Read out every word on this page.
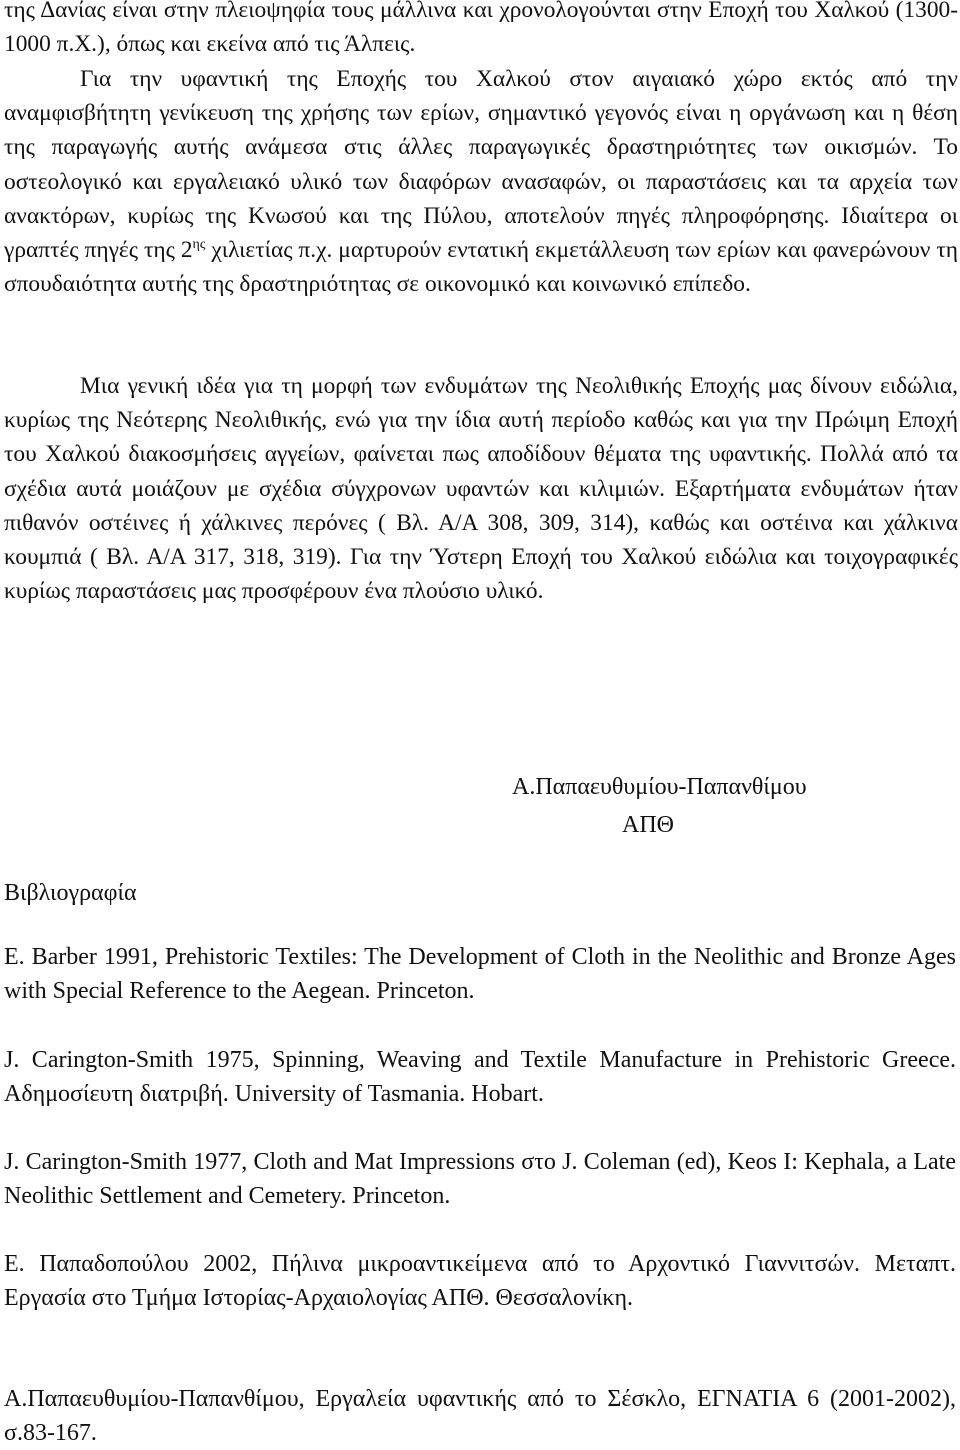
της Δανίας είναι στην πλειοψηφία τους μάλλινα και χρονολογούνται στην Εποχή του Χαλκού (1300-1000 π.Χ.), όπως και εκείνα από τις Άλπεις.

Για την υφαντική της Εποχής του Χαλκού στον αιγαιακό χώρο εκτός από την αναμφισβήτητη γενίκευση της χρήσης των ερίων, σημαντικό γεγονός είναι η οργάνωση και η θέση της παραγωγής αυτής ανάμεσα στις άλλες παραγωγικές δραστηριότητες των οικισμών. Το οστεολογικό και εργαλειακό υλικό των διαφόρων ανασαφών, οι παραστάσεις και τα αρχεία των ανακτόρων, κυρίως της Κνωσού και της Πύλου, αποτελούν πηγές πληροφόρησης. Ιδιαίτερα οι γραπτές πηγές της $2^{\eta\varsigma}$ χιλιετίας π.χ. μαρτυρούν εντατική εκμετάλλευση των ερίων και φανερώνουν τη σπουδαιότητα αυτής της δραστηριότητας σε οικονομικό και κοινωνικό επίπεδο.

Μια γενική ιδέα για τη μορφή των ενδυμάτων της Νεολιθικής Εποχής μας δίνουν ειδώλια, κυρίως της Νεότερης Νεολιθικής, ενώ για την ίδια αυτή περίοδο καθώς και για την Πρώιμη Εποχή του Χαλκού διακοσμήσεις αγγείων, φαίνεται πως αποδίδουν θέματα της υφαντικής. Πολλά από τα σχέδια αυτά μοιάζουν με σχέδια σύγχρονων υφαντών και κιλιμιών. Εξαρτήματα ενδυμάτων ήταν πιθανόν οστέινες ή χάλκινες περόνες ( Βλ. Α/Α 308, 309, 314), καθώς και οστέινα και χάλκινα κουμπιά ( Βλ. Α/Α 317, 318, 319). Για την Ύστερη Εποχή του Χαλκού ειδώλια και τοιχογραφικές κυρίως παραστάσεις μας προσφέρουν ένα πλούσιο υλικό.

Α.Παπαευθυμίου-Παπανθίμου
ΑΠΘ
Βιβλιογραφία

E. Barber 1991, Prehistoric Textiles: The Development of Cloth in the Neolithic and Bronze Ages with Special Reference to the Aegean. Princeton.

J. Carington-Smith 1975, Spinning, Weaving and Textile Manufacture in Prehistoric Greece. Αδημοσίευτη διατριβή. University of Tasmania. Hobart.

J. Carington-Smith 1977, Cloth and Mat Impressions στο J. Coleman (ed), Keos I: Kephala, a Late Neolithic Settlement and Cemetery. Princeton.

Ε. Παπαδοπούλου 2002, Πήλινα μικροαντικείμενα από το Αρχοντικό Γιαννιτσών. Μεταπτ. Εργασία στο Τμήμα Ιστορίας-Αρχαιολογίας ΑΠΘ. Θεσσαλονίκη.

Α.Παπαευθυμίου-Παπανθίμου, Εργαλεία υφαντικής από το Σέσκλο, ΕΓΝΑΤΙΑ 6 (2001-2002), σ.83-167.
